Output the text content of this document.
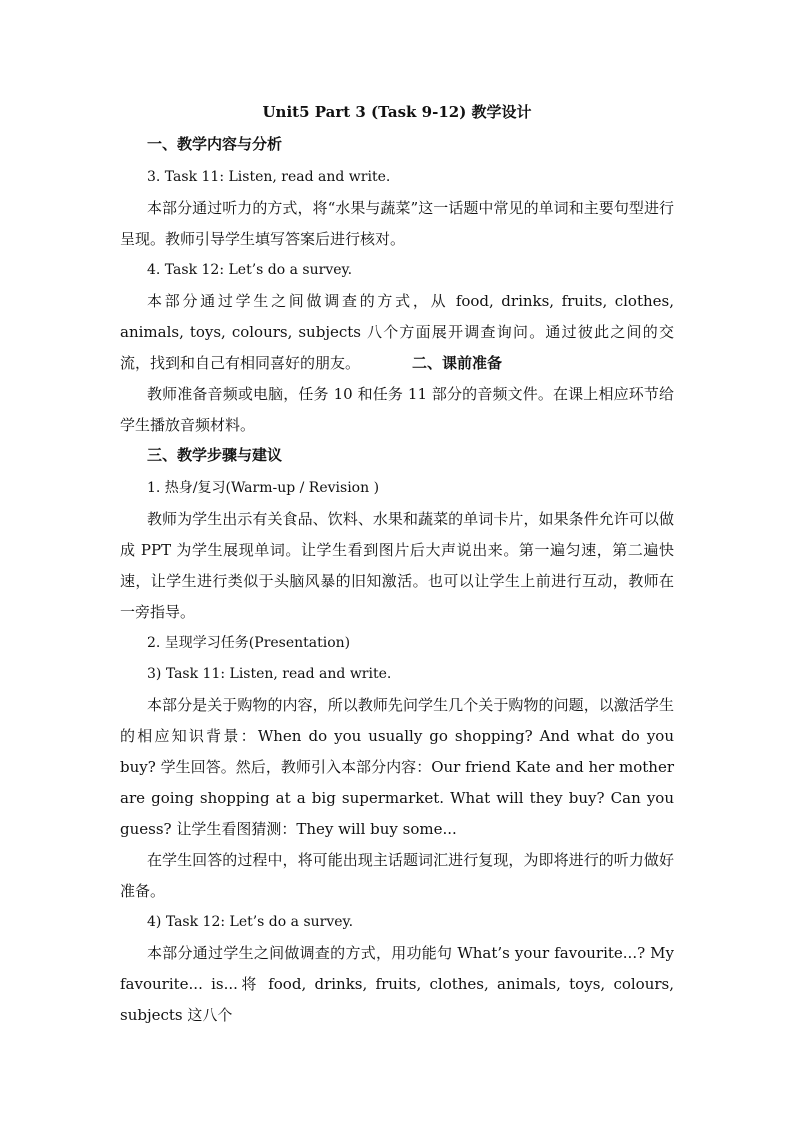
Unit5 Part 3 (Task 9-12) 教学设计
一、教学内容与分析
3. Task 11: Listen, read and write.

本部分通过听力的方式，将“水果与蔬菜”这一话题中常见的单词和主要句型进行呈现。教师引导学生填写答案后进行核对。

4. Task 12: Let’s do a survey.

本部分通过学生之间做调查的方式，从 food, drinks, fruits, clothes, animals, toys, colours, subjects 八个方面展开调查询问。通过彼此之间的交流，找到和自己有相同喜好的朋友。	二、课前准备

教师准备音频或电脑，任务 10 和任务 11 部分的音频文件。在课上相应环节给学生播放音频材料。

三、教学步骤与建议
1. 热身/复习(Warm-up / Revision )

教师为学生出示有关食品、饮料、水果和蔬菜的单词卡片，如果条件允许可以做成 PPT 为学生展现单词。让学生看到图片后大声说出来。第一遍匀速，第二遍快速，让学生进行类似于头脑风暴的旧知激活。也可以让学生上前进行互动，教师在一旁指导。

2. 呈现学习任务(Presentation)
3) Task 11: Listen, read and write.

本部分是关于购物的内容，所以教师先问学生几个关于购物的问题，以激活学生的相应知识背景：When do you usually go shopping? And what do you buy? 学生回答。然后，教师引入本部分内容：Our friend Kate and her mother are going shopping at a big supermarket. What will they buy? Can you guess? 让学生看图猜测：They will buy some...

在学生回答的过程中，将可能出现主话题词汇进行复现，为即将进行的听力做好准备。

4) Task 12: Let’s do a survey.

本部分通过学生之间做调查的方式，用功能句 What’s your favourite...? My favourite... is...将 food, drinks, fruits, clothes, animals, toys, colours, subjects 这八个
